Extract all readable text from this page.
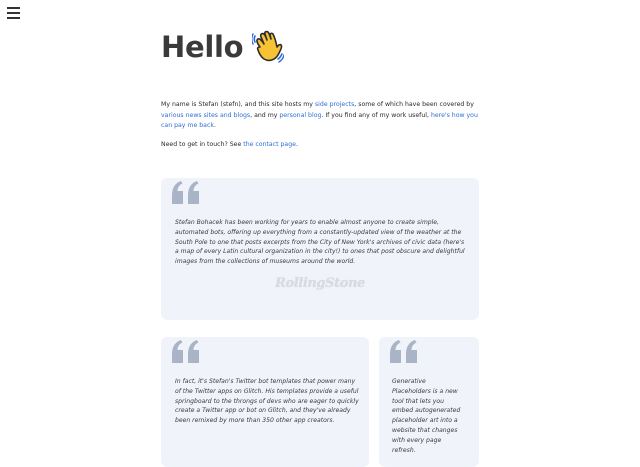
Hello

My name is Stefan (stefn), and this site hosts my side projects, some of which have been covered by various news sites and blogs, and my personal blog. If you find any of my work useful, here's how you can pay me back.

Need to get in touch? See the contact page.

Stefan Bohacek has been working for years to enable almost anyone to create simple, automated bots, offering up everything from a constantly-updated view of the weather at the South Pole to one that posts excerpts from the City of New York's archives of civic data (here's a map of every Latin cultural organization in the city!) to ones that post obscure and delightful images from the collections of museums around the world.
RollingStone
In fact, it's Stefan's Twitter bot templates that power many of the Twitter apps on Glitch. His templates provide a useful springboard to the throngs of devs who are eager to quickly create a Twitter app or bot on Glitch, and they've already been remixed by more than 350 other app creators.
Generative Placeholders is a new tool that lets you embed autogenerated placeholder art into a website that changes with every page refresh.
